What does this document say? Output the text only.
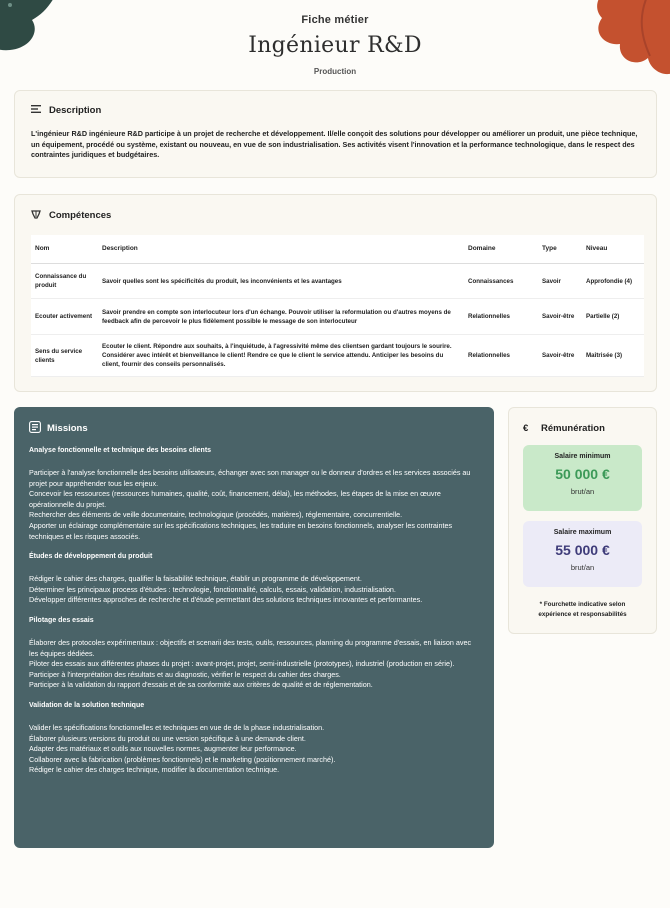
Fiche métier
Ingénieur R&D
Production
Description

L'ingénieur R&D ingénieure R&D participe à un projet de recherche et développement. Il/elle conçoit des solutions pour développer ou améliorer un produit, une pièce technique, un équipement, procédé ou système, existant ou nouveau, en vue de son industrialisation. Ses activités visent l'innovation et la performance technologique, dans le respect des contraintes juridiques et budgétaires.

Compétences
Nom	Description	Domaine	Type	Niveau
Connaissance du produit	Savoir quelles sont les spécificités du produit, les inconvénients et les avantages	Connaissances	Savoir	Approfondie (4)
Ecouter activement	Savoir prendre en compte son interlocuteur lors d'un échange. Pouvoir utiliser la reformulation ou d'autres moyens de feedback afin de percevoir le plus fidèlement possible le message de son interlocuteur	Relationnelles	Savoir-être	Partielle (2)
Sens du service clients	Ecouter le client. Répondre aux souhaits, à l'inquiétude, à l'agressivité même des clientsen gardant toujours le sourire. Considérer avec intérêt et bienveillance le client! Rendre ce que le client le service attendu. Anticiper les besoins du client, fournir des conseils personnalisés.	Relationnelles	Savoir-être	Maîtrisée (3)
Missions
Analyse fonctionnelle et technique des besoins clients
Participer à l'analyse fonctionnelle des besoins utilisateurs, échanger avec son manager ou le donneur d'ordres et les services associés au projet pour appréhender tous les enjeux.
Concevoir les ressources (ressources humaines, qualité, coût, financement, délai), les méthodes, les étapes de la mise en œuvre opérationnelle du projet.
Rechercher des éléments de veille documentaire, technologique (procédés, matières), réglementaire, concurrentielle.
Apporter un éclairage complémentaire sur les spécifications techniques, les traduire en besoins fonctionnels, analyser les contraintes techniques et les risques associés.
Études de développement du produit
Rédiger le cahier des charges, qualifier la faisabilité technique, établir un programme de développement.
Déterminer les principaux process d'études : technologie, fonctionnalité, calculs, essais, validation, industrialisation.
Développer différentes approches de recherche et d'étude permettant des solutions techniques innovantes et performantes.
Pilotage des essais
Élaborer des protocoles expérimentaux : objectifs et scenarii des tests, outils, ressources, planning du programme d'essais, en liaison avec les équipes dédiées.
Piloter des essais aux différentes phases du projet : avant-projet, projet, semi-industrielle (prototypes), industriel (production en série).
Participer à l'interprétation des résultats et au diagnostic, vérifier le respect du cahier des charges.
Participer à la validation du rapport d'essais et de sa conformité aux critères de qualité et de réglementation.
Validation de la solution technique
Valider les spécifications fonctionnelles et techniques en vue de de la phase industrialisation.
Élaborer plusieurs versions du produit ou une version spécifique à une demande client.
Adapter des matériaux et outils aux nouvelles normes, augmenter leur performance.
Collaborer avec la fabrication (problèmes fonctionnels) et le marketing (positionnement marché).
Rédiger le cahier des charges technique, modifier la documentation technique.
€	Rémunération
Salaire minimum
50 000 €
brut/an
Salaire maximum
55 000 €
brut/an
* Fourchette indicative selon expérience et responsabilités
